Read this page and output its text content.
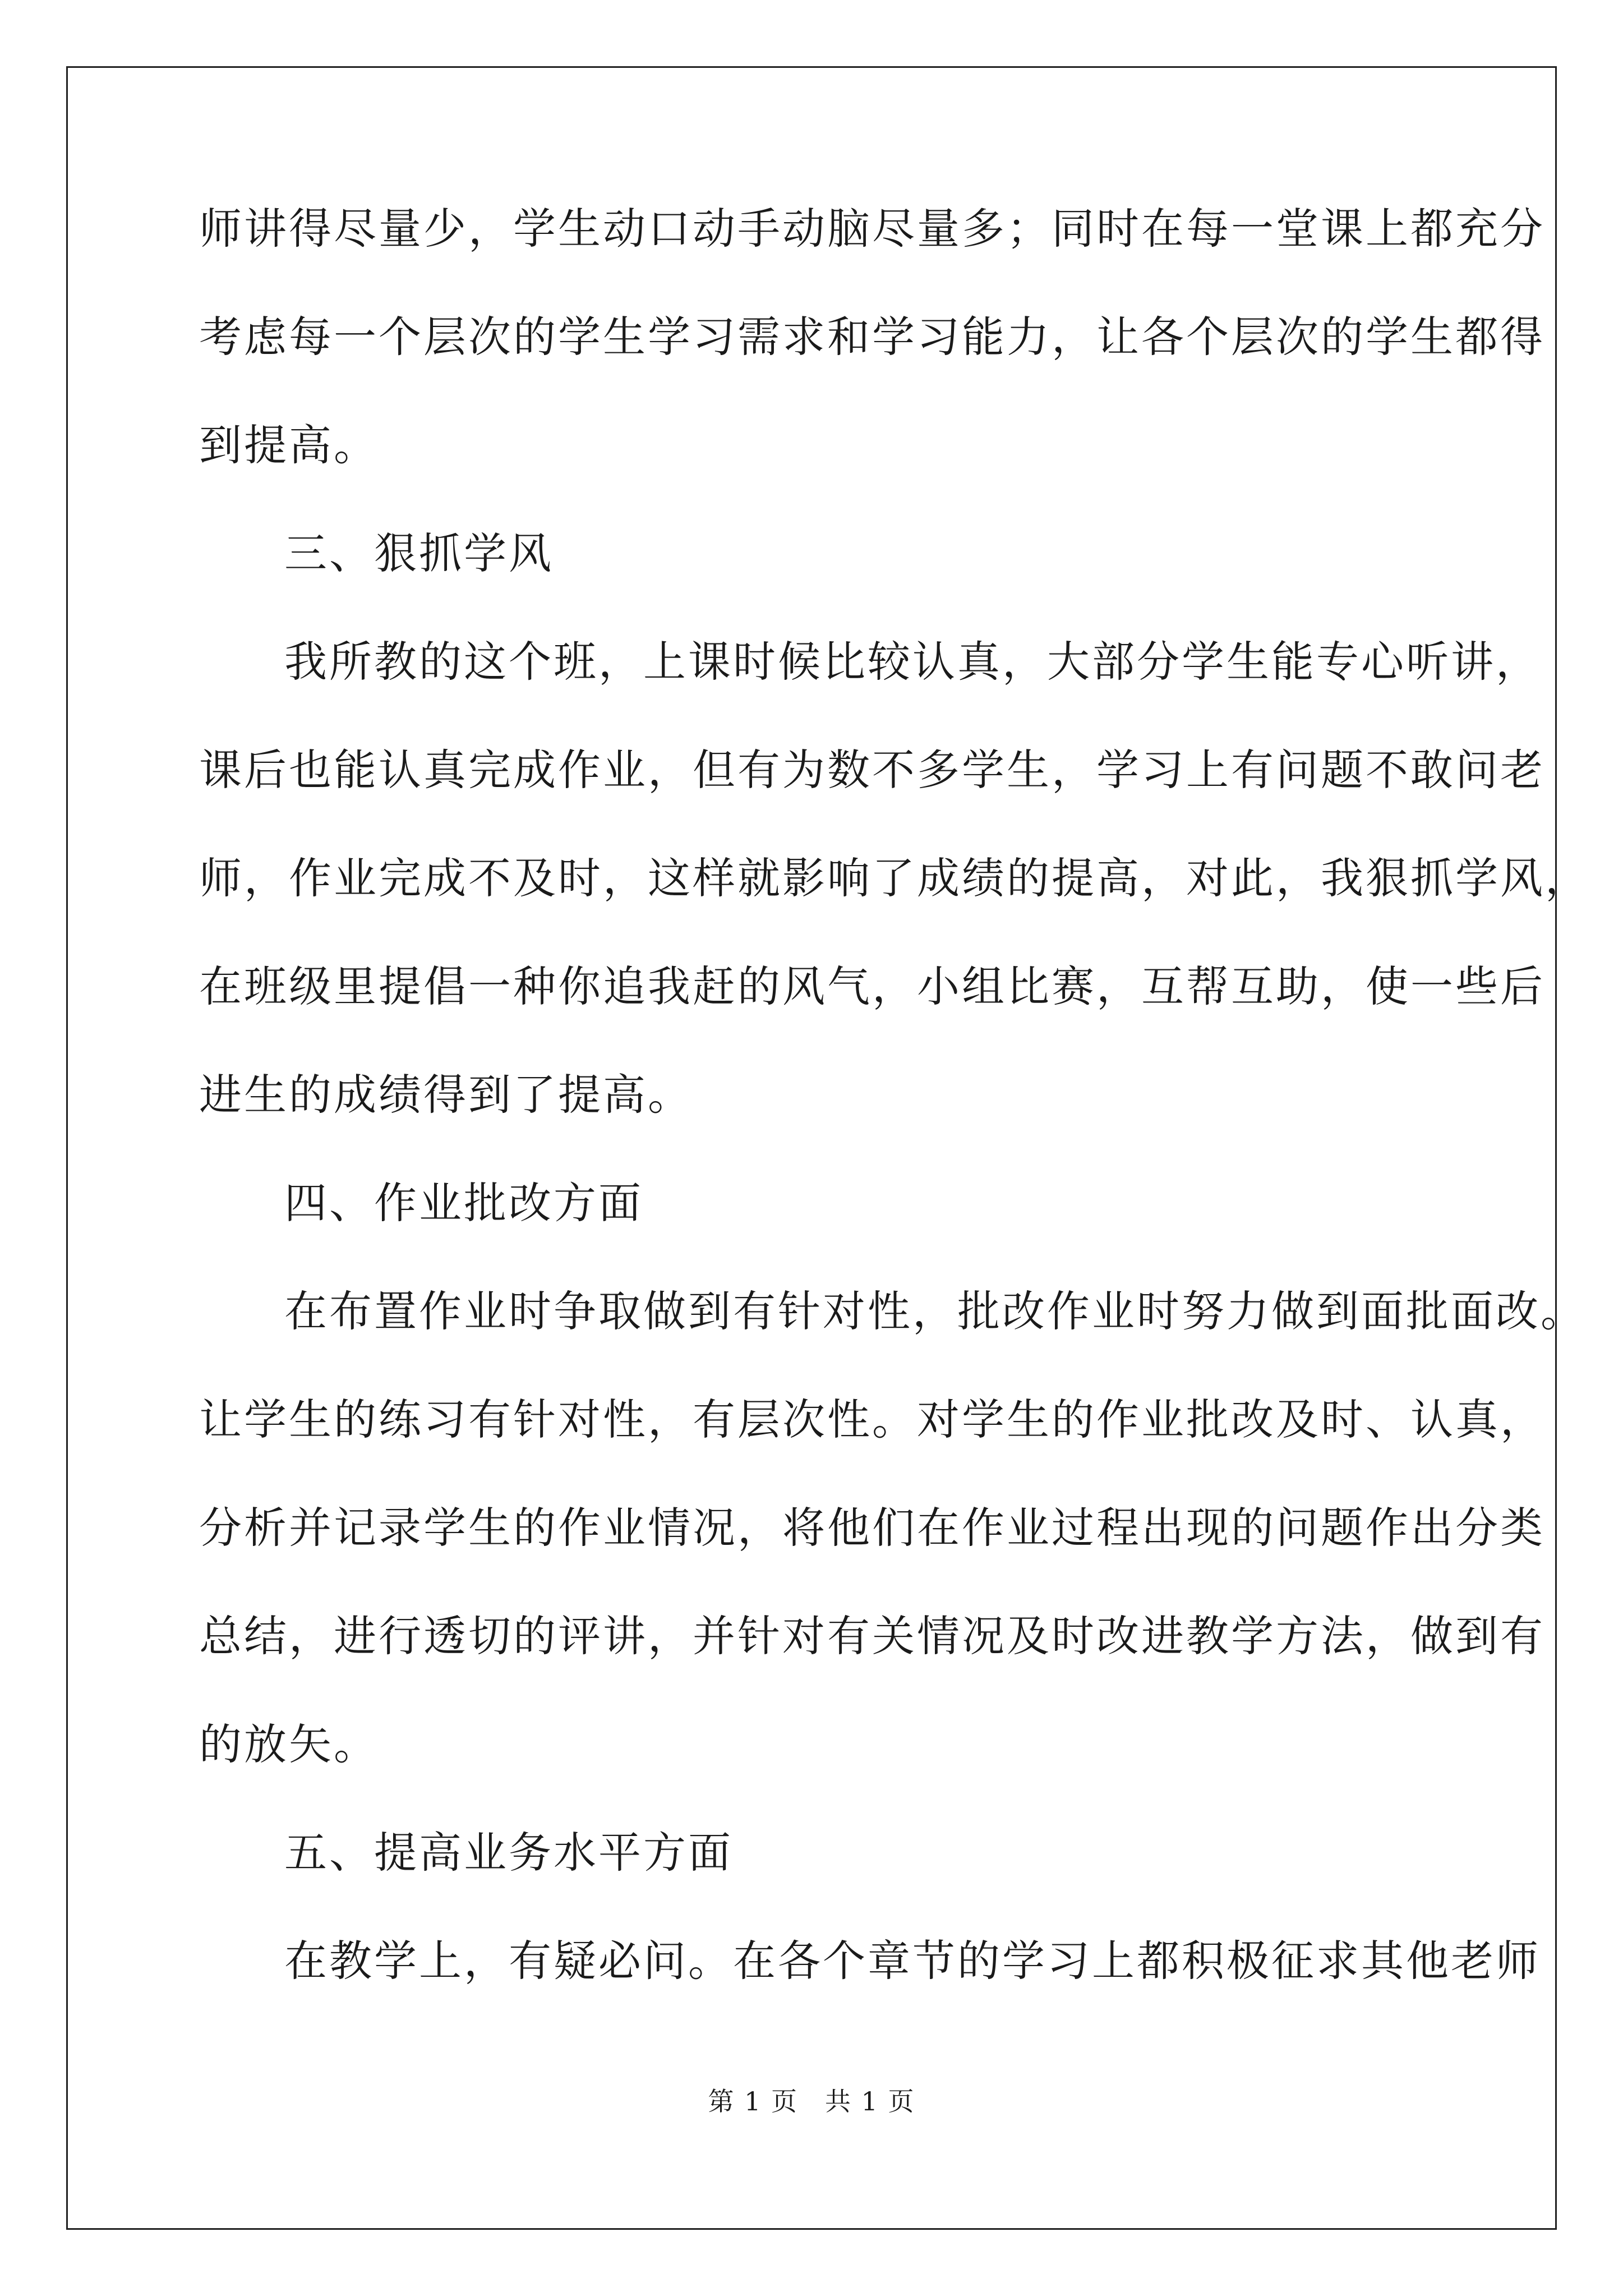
师讲得尽量少，学生动口动手动脑尽量多；同时在每一堂课上都充分

考虑每一个层次的学生学习需求和学习能力，让各个层次的学生都得

到提高。

三、狠抓学风

我所教的这个班，上课时候比较认真，大部分学生能专心听讲，

课后也能认真完成作业，但有为数不多学生，学习上有问题不敢问老

师，作业完成不及时，这样就影响了成绩的提高，对此，我狠抓学风，

在班级里提倡一种你追我赶的风气，小组比赛，互帮互助，使一些后

进生的成绩得到了提高。

四、作业批改方面

在布置作业时争取做到有针对性，批改作业时努力做到面批面改。

让学生的练习有针对性，有层次性。对学生的作业批改及时、认真，

分析并记录学生的作业情况，将他们在作业过程出现的问题作出分类

总结，进行透切的评讲，并针对有关情况及时改进教学方法，做到有

的放矢。

五、提高业务水平方面

在教学上，有疑必问。在各个章节的学习上都积极征求其他老师

第 1 页　共 1 页
